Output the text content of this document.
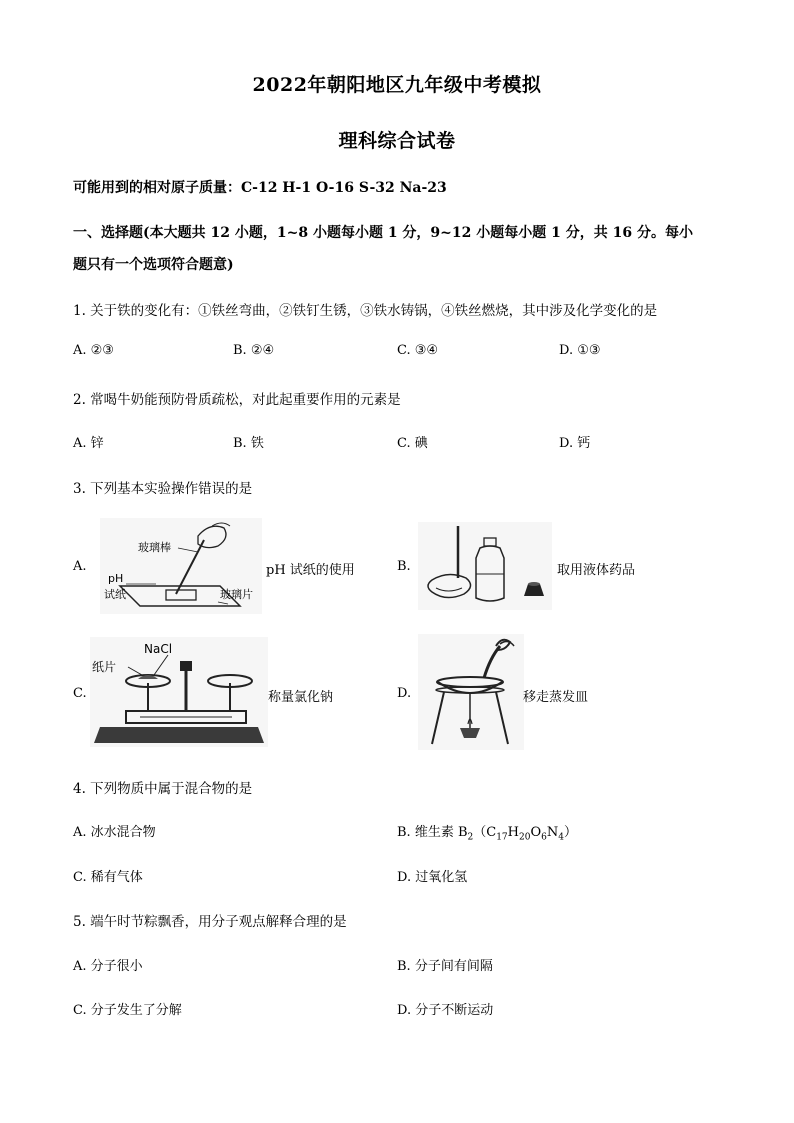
2022年朝阳地区九年级中考模拟
理科综合试卷
可能用到的相对原子质量：C-12 H-1 O-16 S-32 Na-23
一、选择题(本大题共 12 小题，1~8 小题每小题 1 分，9~12 小题每小题 1 分，共 16 分。每小
题只有一个选项符合题意)
1. 关于铁的变化有：①铁丝弯曲，②铁钉生锈，③铁水铸锅，④铁丝燃烧，其中涉及化学变化的是
A. ②③	B. ②④	C. ③④	D. ①③
2. 常喝牛奶能预防骨质疏松，对此起重要作用的元素是
A. 锌	B. 铁	C. 碘	D. 钙
3. 下列基本实验操作错误的是
A.
玻璃棒
pH
试纸	玻璃片
pH 试纸的使用	B.	取用液体药品
C.
NaCl
纸片
称量氯化钠	D.	移走蒸发皿
4. 下列物质中属于混合物的是
A. 冰水混合物	B. 维生素 $B_2(C_{17}H_{20}O_6N_4)$
C. 稀有气体	D. 过氧化氢
5. 端午时节粽飘香，用分子观点解释合理的是
A. 分子很小	B. 分子间有间隔
C. 分子发生了分解	D. 分子不断运动
